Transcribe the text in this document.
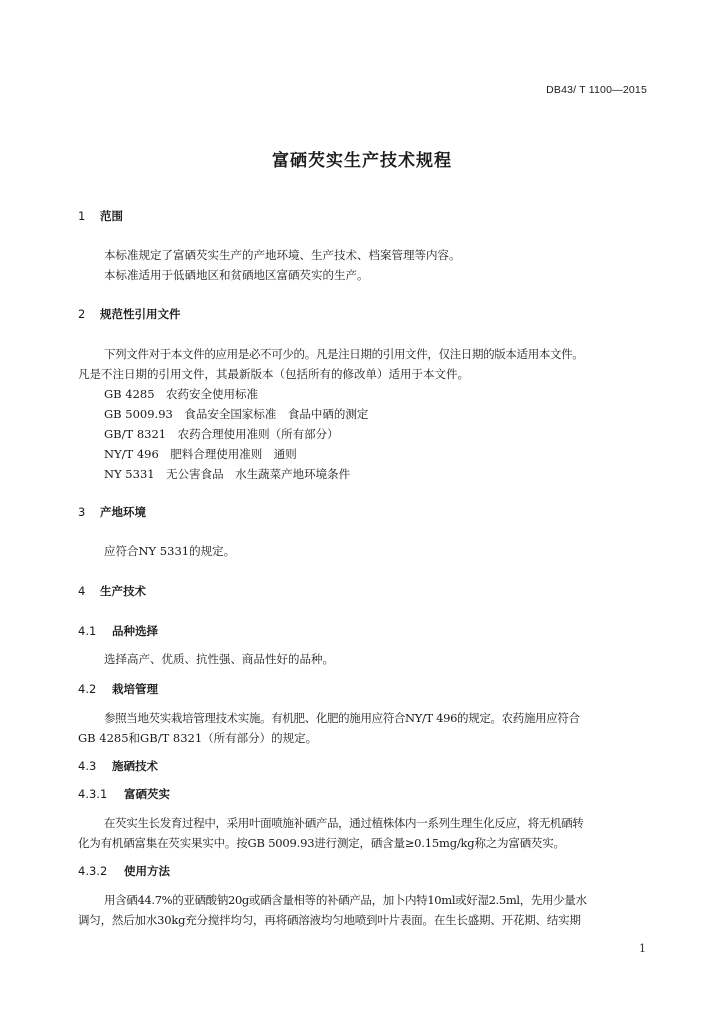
DB43/ T 1100—2015
富硒芡实生产技术规程
1 范围
本标准规定了富硒芡实生产的产地环境、生产技术、档案管理等内容。
本标准适用于低硒地区和贫硒地区富硒芡实的生产。
2 规范性引用文件
下列文件对于本文件的应用是必不可少的。凡是注日期的引用文件，仅注日期的版本适用本文件。
凡是不注日期的引用文件，其最新版本（包括所有的修改单）适用于本文件。
GB 4285　农药安全使用标准
GB 5009.93　食品安全国家标准　食品中硒的测定
GB/T 8321　农药合理使用准则（所有部分）
NY/T 496　肥料合理使用准则　通则
NY 5331　无公害食品　水生蔬菜产地环境条件
3 产地环境
应符合NY 5331的规定。
4 生产技术
4.1 品种选择
选择高产、优质、抗性强、商品性好的品种。
4.2 栽培管理
参照当地芡实栽培管理技术实施。有机肥、化肥的施用应符合NY/T 496的规定。农药施用应符合
GB 4285和GB/T 8321（所有部分）的规定。
4.3 施硒技术
4.3.1 富硒芡实
在芡实生长发育过程中，采用叶面喷施补硒产品，通过植株体内一系列生理生化反应，将无机硒转
化为有机硒富集在芡实果实中。按GB 5009.93进行测定，硒含量≥0.15mg/kg称之为富硒芡实。
4.3.2 使用方法
用含硒44.7%的亚硒酸钠20g或硒含量相等的补硒产品，加卜内特10ml或好湿2.5ml，先用少量水
调匀，然后加水30kg充分搅拌均匀，再将硒溶液均匀地喷到叶片表面。在生长盛期、开花期、结实期
1
